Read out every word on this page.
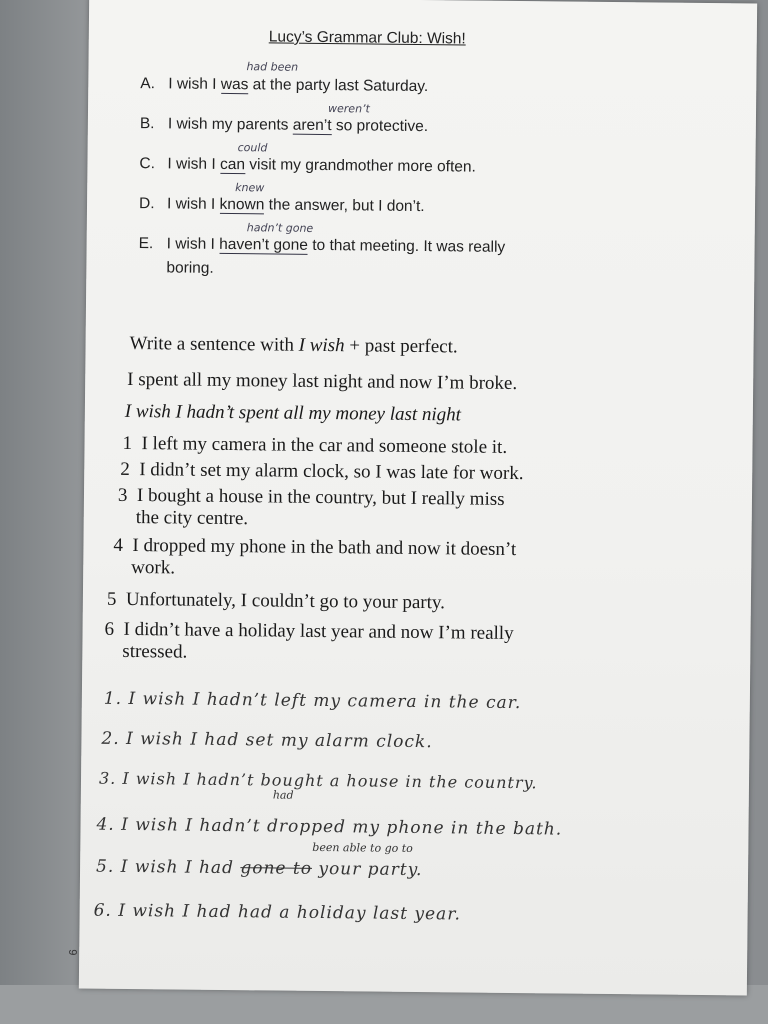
Lucy’s Grammar Club: Wish!
A. I wish I was at the party last Saturday.
had been
B. I wish my parents aren’t so protective.
weren’t
C. I wish I can visit my grandmother more often.
could
D. I wish I known the answer, but I don’t.
knew
E. I wish I haven’t gone to that meeting. It was really
boring.
hadn’t gone
Write a sentence with I wish + past perfect.
I spent all my money last night and now I’m broke.
I wish I hadn’t spent all my money last night
1 I left my camera in the car and someone stole it.
2 I didn’t set my alarm clock, so I was late for work.
3 I bought a house in the country, but I really miss
the city centre.
4 I dropped my phone in the bath and now it doesn’t
work.
5 Unfortunately, I couldn’t go to your party.
6 I didn’t have a holiday last year and now I’m really
stressed.
1. I wish I hadn’t left my camera in the car.
2. I wish I had set my alarm clock.
3. I wish I hadn’t bought a house in the country.
had
4. I wish I hadn’t dropped my phone in the bath.
5. I wish I had gone to your party.
been able to go to
6. I wish I had had a holiday last year.
9
